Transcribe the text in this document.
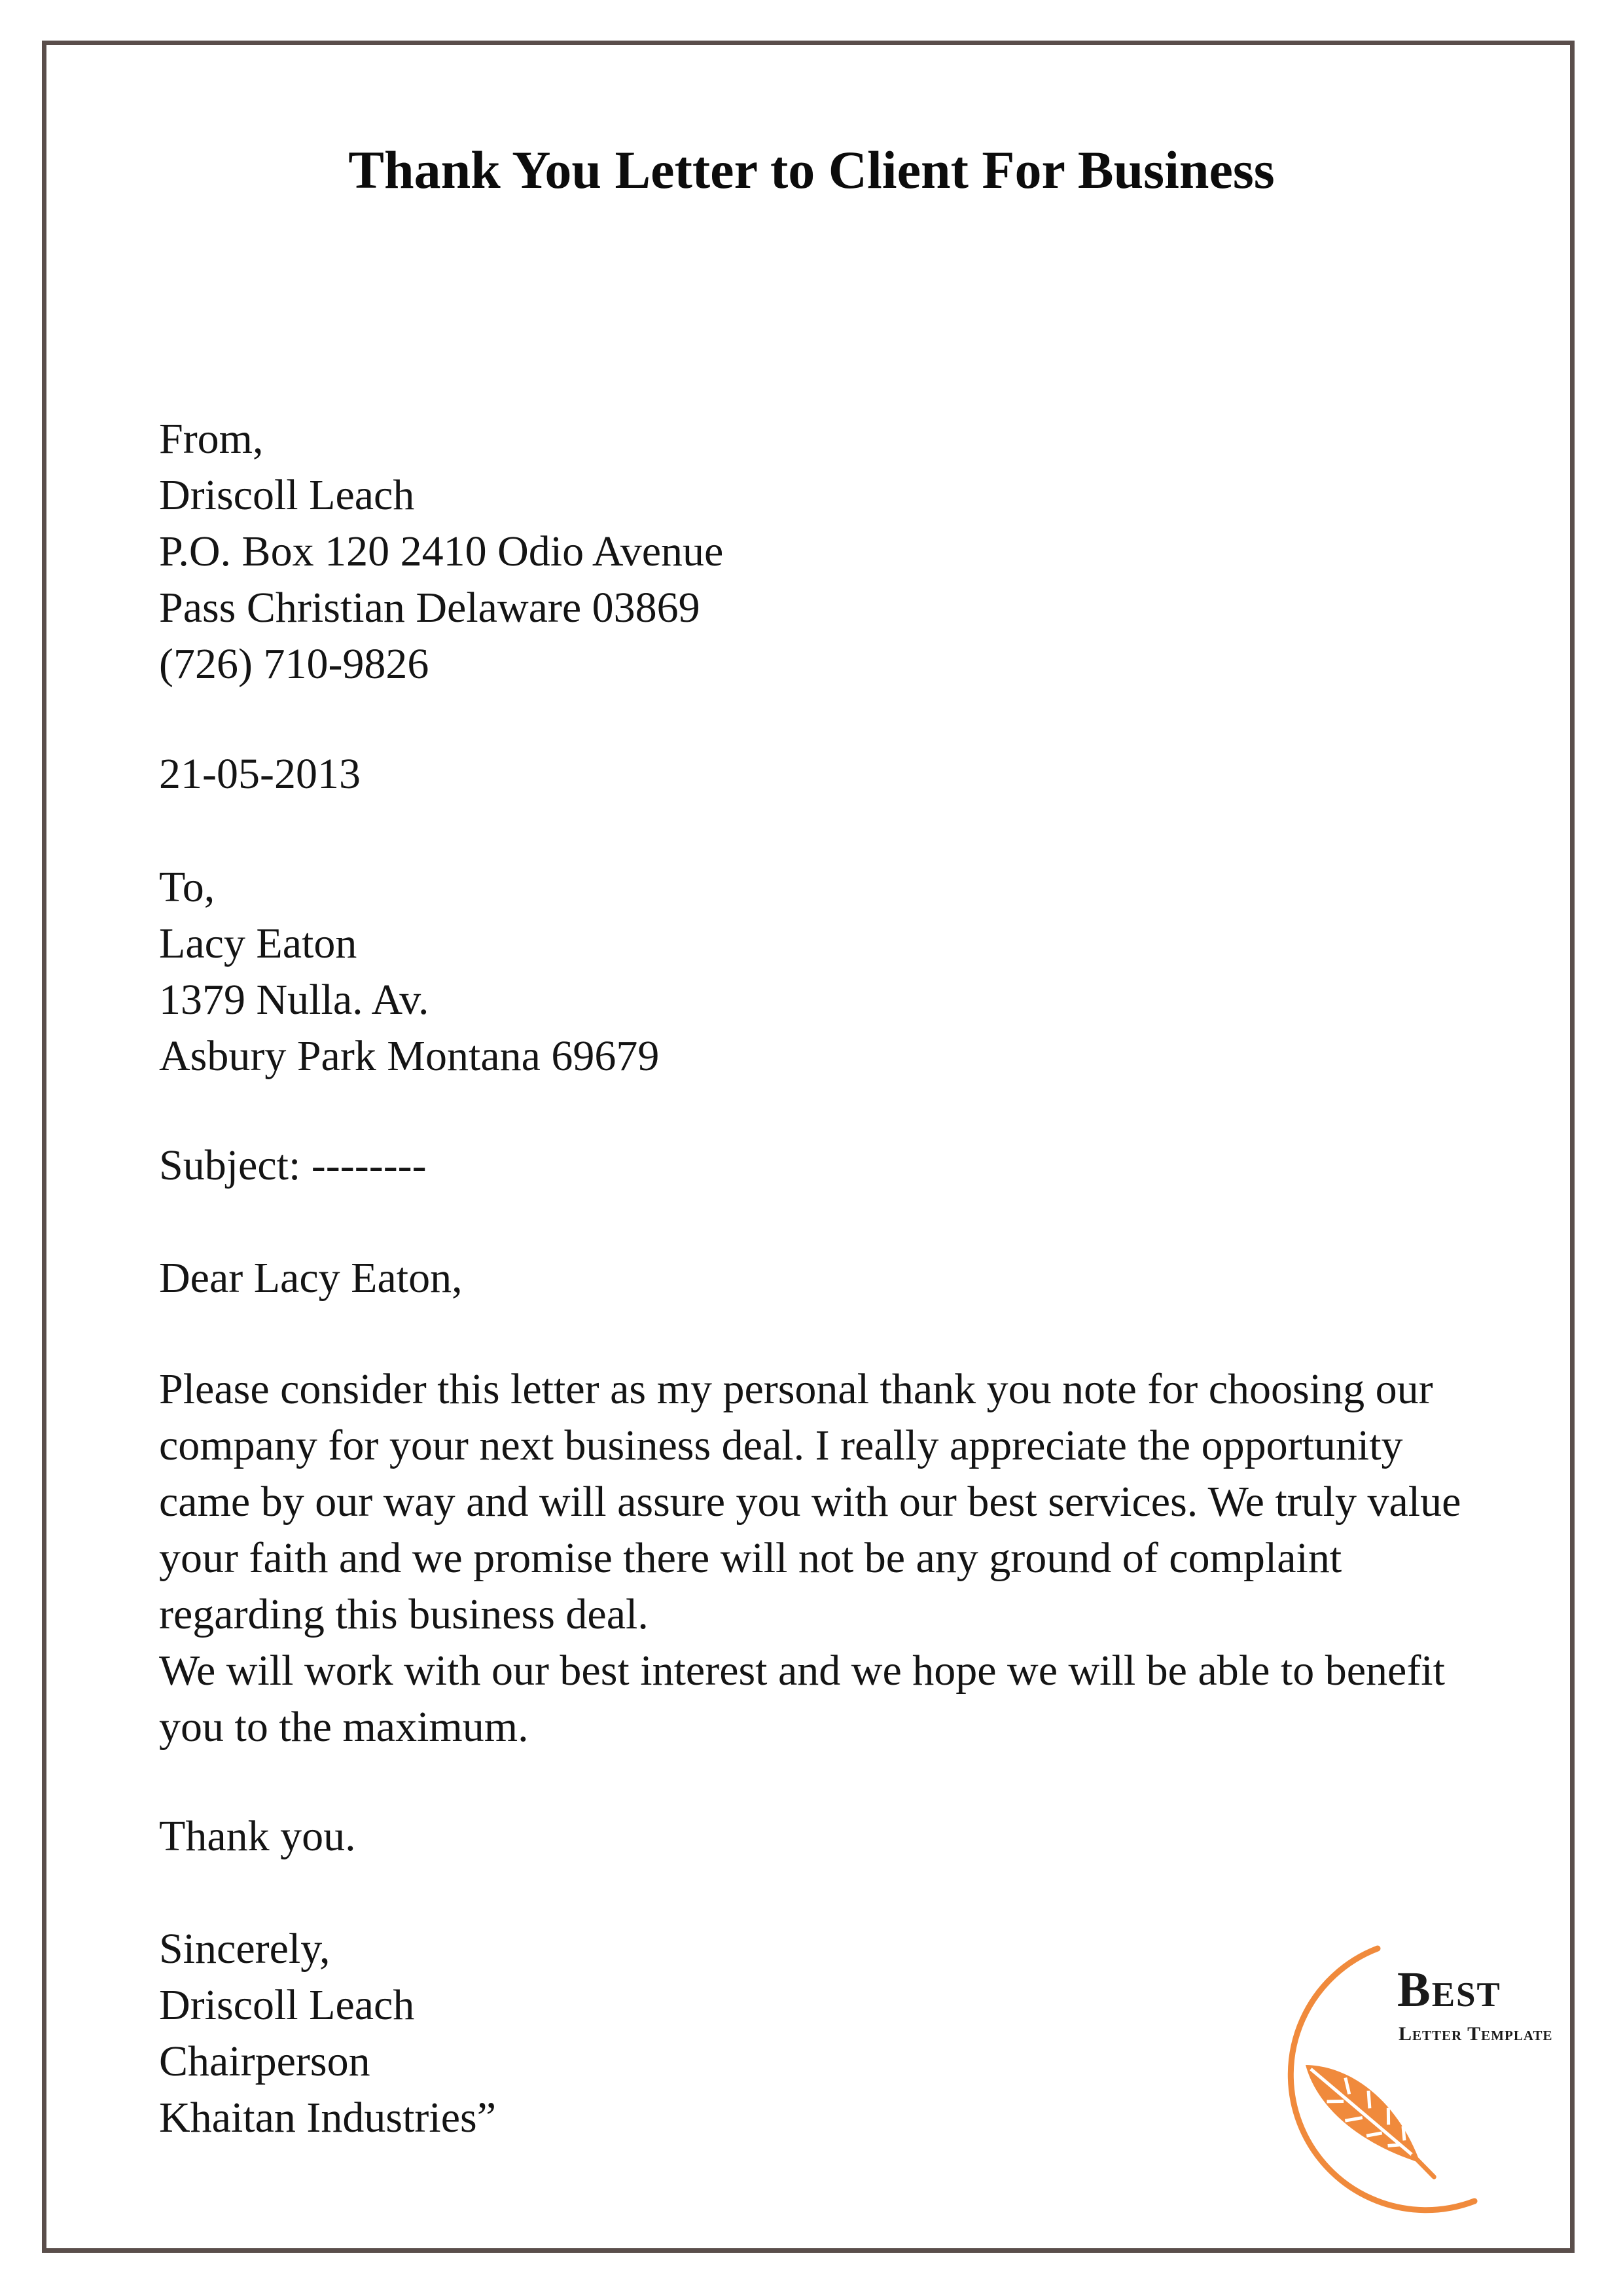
Thank You Letter to Client For Business
From,
Driscoll Leach
P.O. Box 120 2410 Odio Avenue
Pass Christian Delaware 03869
(726) 710-9826
21-05-2013
To,
Lacy Eaton
1379 Nulla. Av.
Asbury Park Montana 69679
Subject: --------
Dear Lacy Eaton,
Please consider this letter as my personal thank you note for choosing our company for your next business deal. I really appreciate the opportunity came by our way and will assure you with our best services. We truly value your faith and we promise there will not be any ground of complaint regarding this business deal.
We will work with our best interest and we hope we will be able to benefit you to the maximum.
Thank you.
Sincerely,
Driscoll Leach
Chairperson
Khaitan Industries”
Best
Letter Template
